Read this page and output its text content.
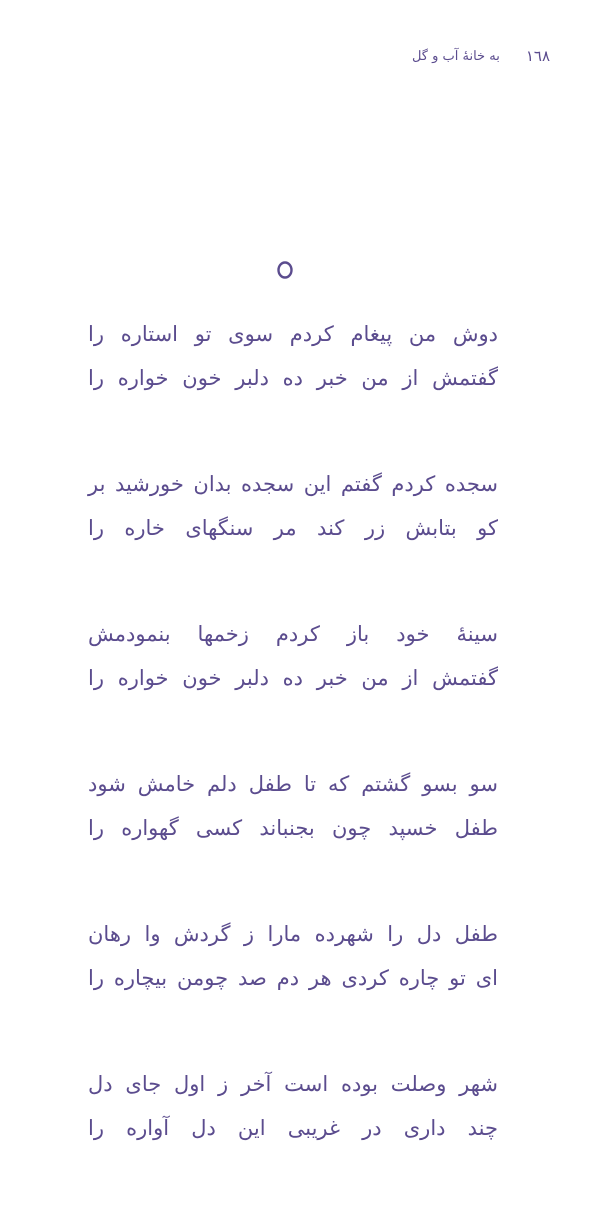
١٦٨
به خانهٔ آب و گل
دوش من پیغام کردم سوی تو استاره را
گفتمش از من خبر ده دلبر خون خواره را
سجده کردم گفتم این سجده بدان خورشید بر
کو بتابش زر کند مر سنگهای خاره را
سینهٔ خود باز کردم زخمها بنمودمش
گفتمش از من خبر ده دلبر خون خواره را
سو بسو گشتم که تا طفل دلم خامش شود
طفل خسپد چون بجنباند کسی گهواره را
طفل دل را شهرده مارا ز گردش وا رهان
ای تو چاره کردی هر دم صد چومن بیچاره را
شهر وصلت بوده است آخر ز اول جای دل
چند داری در غریبی این دل آواره را
